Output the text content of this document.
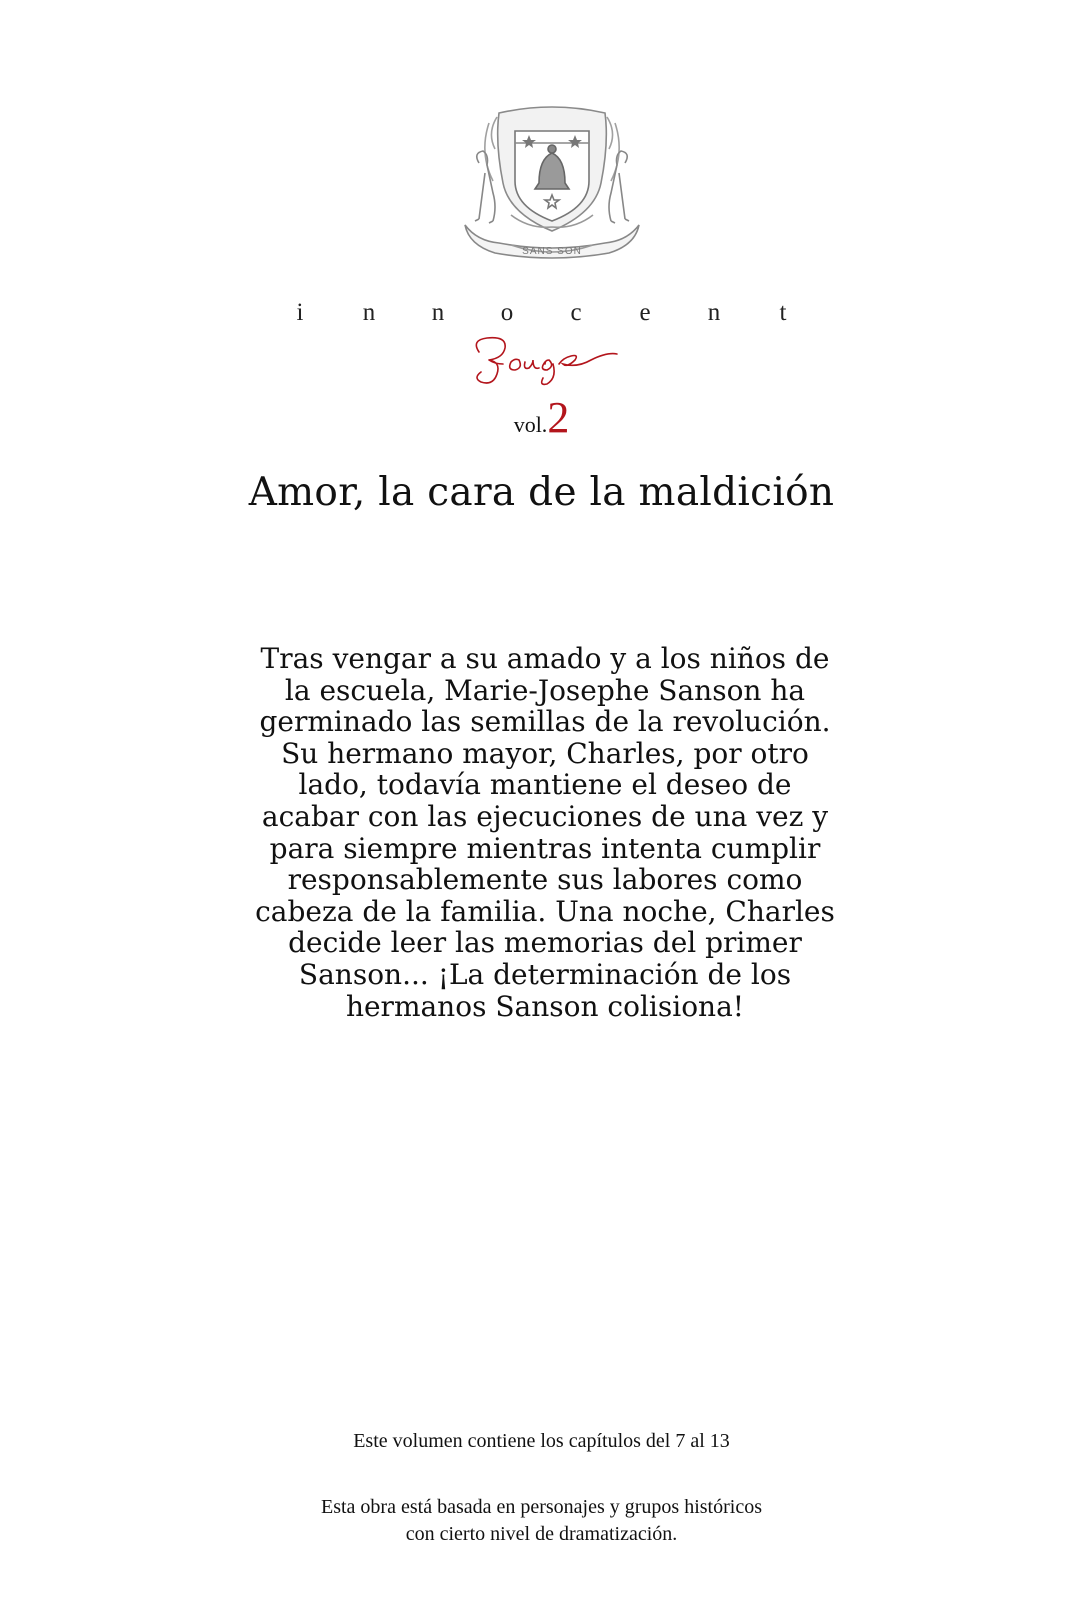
SANS SON
i n n o c e n t
Rouge
vol.2
Amor, la cara de la maldición
Tras vengar a su amado y a los niños de
la escuela, Marie-Josephe Sanson ha
germinado las semillas de la revolución.
Su hermano mayor, Charles, por otro
lado, todavía mantiene el deseo de
acabar con las ejecuciones de una vez y
para siempre mientras intenta cumplir
responsablemente sus labores como
cabeza de la familia. Una noche, Charles
decide leer las memorias del primer
Sanson... ¡La determinación de los
hermanos Sanson colisiona!
Este volumen contiene los capítulos del 7 al 13
Esta obra está basada en personajes y grupos históricos
con cierto nivel de dramatización.
